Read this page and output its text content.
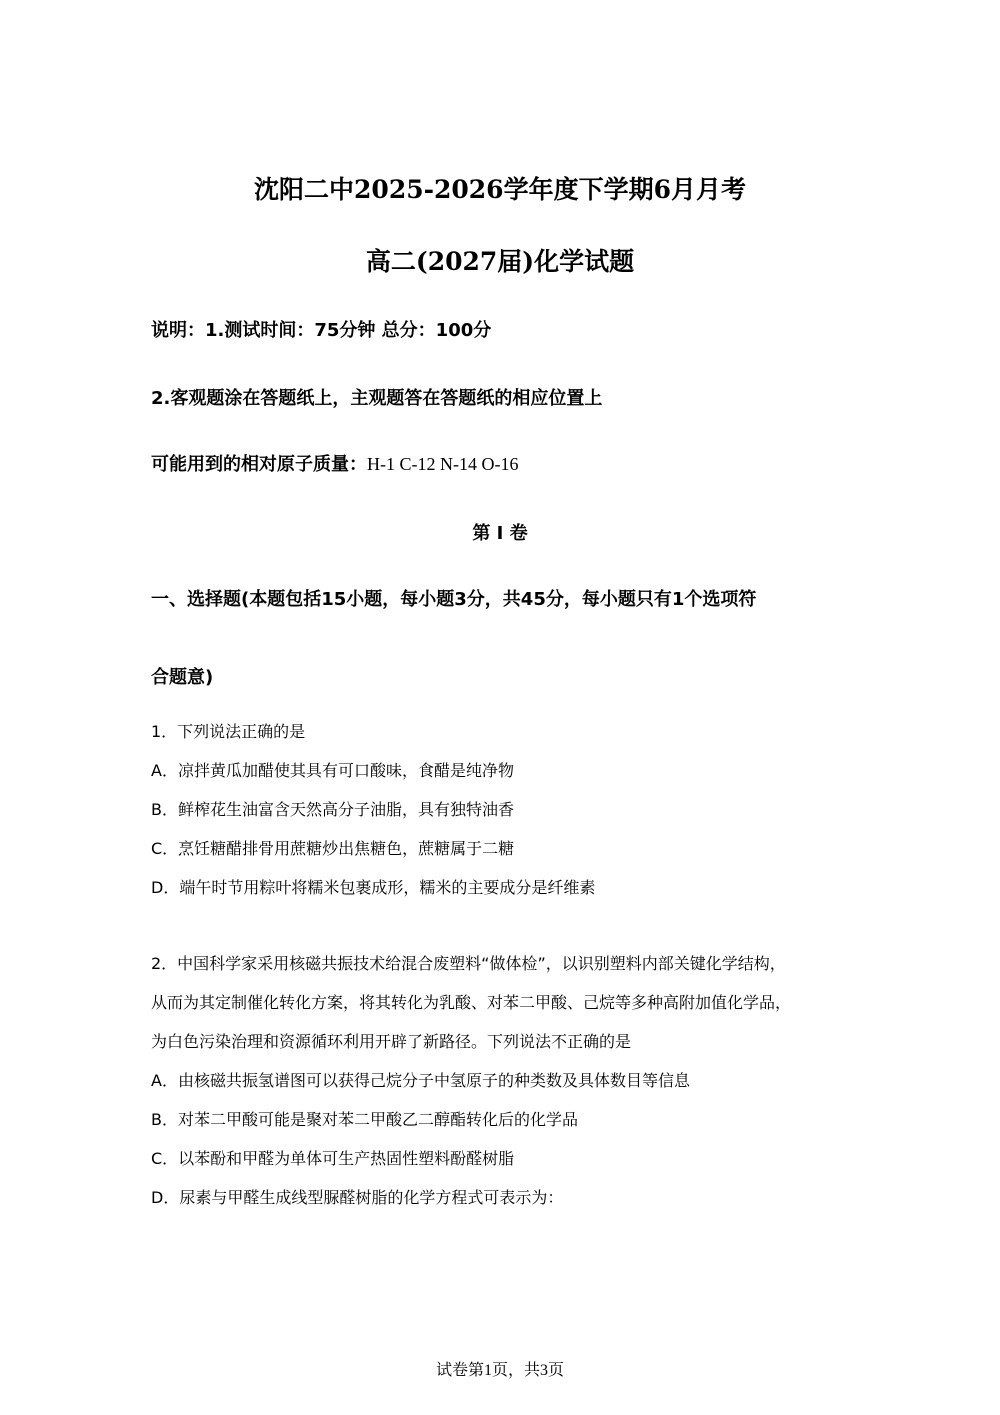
沈阳二中2025-2026学年度下学期6月月考
高二(2027届)化学试题
说明：1.测试时间：75分钟 总分：100分
2.客观题涂在答题纸上，主观题答在答题纸的相应位置上
可能用到的相对原子质量：H-1 C-12 N-14 O-16
第 I 卷
一、选择题(本题包括15小题，每小题3分，共45分，每小题只有1个选项符
合题意)
1．下列说法正确的是
A．凉拌黄瓜加醋使其具有可口酸味，食醋是纯净物
B．鲜榨花生油富含天然高分子油脂，具有独特油香
C．烹饪糖醋排骨用蔗糖炒出焦糖色，蔗糖属于二糖
D．端午时节用粽叶将糯米包裹成形，糯米的主要成分是纤维素
2．中国科学家采用核磁共振技术给混合废塑料“做体检”，以识别塑料内部关键化学结构，
从而为其定制催化转化方案，将其转化为乳酸、对苯二甲酸、己烷等多种高附加值化学品，
为白色污染治理和资源循环利用开辟了新路径。下列说法不正确的是
A．由核磁共振氢谱图可以获得己烷分子中氢原子的种类数及具体数目等信息
B．对苯二甲酸可能是聚对苯二甲酸乙二醇酯转化后的化学品
C．以苯酚和甲醛为单体可生产热固性塑料酚醛树脂
D．尿素与甲醛生成线型脲醛树脂的化学方程式可表示为：
试卷第1页，共3页
